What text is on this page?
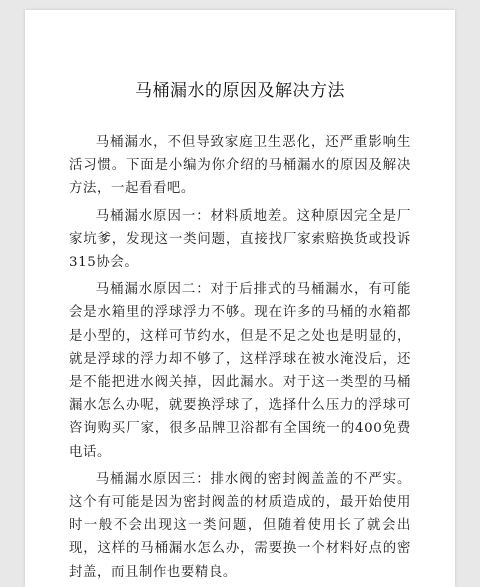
马桶漏水的原因及解决方法

马桶漏水，不但导致家庭卫生恶化，还严重影响生活习惯。下面是小编为你介绍的马桶漏水的原因及解决方法，一起看看吧。

马桶漏水原因一：材料质地差。这种原因完全是厂家坑爹，发现这一类问题，直接找厂家索赔换货或投诉315协会。

马桶漏水原因二：对于后排式的马桶漏水，有可能会是水箱里的浮球浮力不够。现在许多的马桶的水箱都是小型的，这样可节约水，但是不足之处也是明显的，就是浮球的浮力却不够了，这样浮球在被水淹没后，还是不能把进水阀关掉，因此漏水。对于这一类型的马桶漏水怎么办呢，就要换浮球了，选择什么压力的浮球可咨询购买厂家，很多品牌卫浴都有全国统一的400免费电话。

马桶漏水原因三：排水阀的密封阀盖盖的不严实。这个有可能是因为密封阀盖的材质造成的，最开始使用时一般不会出现这一类问题，但随着使用长了就会出现，这样的马桶漏水怎么办，需要换一个材料好点的密封盖，而且制作也要精良。
